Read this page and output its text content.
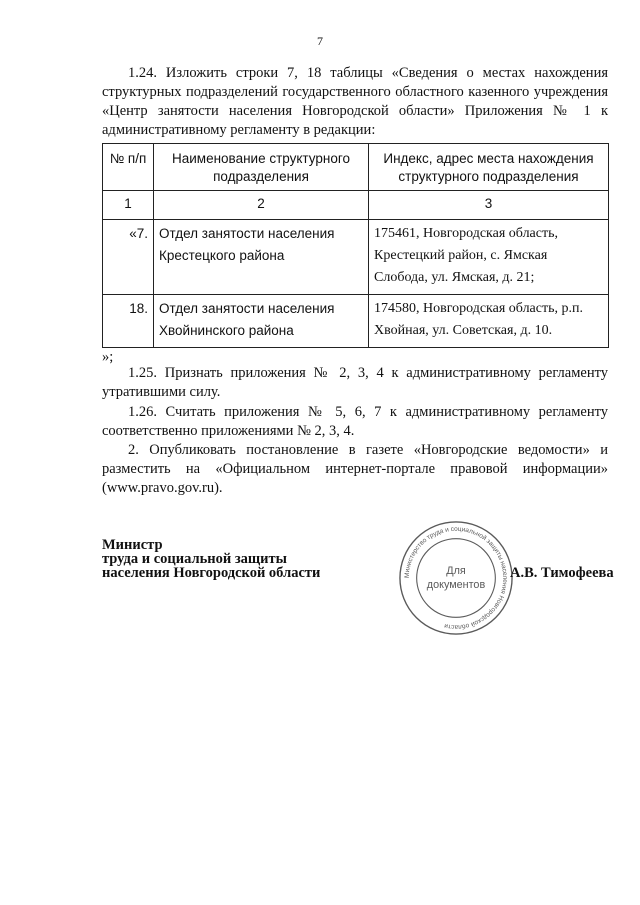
7
1.24. Изложить строки 7, 18 таблицы «Сведения о местах нахождения структурных подразделений государственного областного казенного учреждения «Центр занятости населения Новгородской области» Приложения № 1 к административному регламенту в редакции:
№ п/п	Наименование структурного подразделения	Индекс, адрес места нахождения структурного подразделения
1	2	3
«7.	Отдел занятости населения Крестецкого района	175461, Новгородская область, Крестецкий район, с. Ямская Слобода, ул. Ямская, д. 21;
18.	Отдел занятости населения Хвойнинского района	174580, Новгородская область, р.п. Хвойная, ул. Советская, д. 10.
»;
1.25. Признать приложения № 2, 3, 4 к административному регламенту утратившими силу.
1.26. Считать приложения № 5, 6, 7 к административному регламенту соответственно приложениями № 2, 3, 4.
2. Опубликовать постановление в газете «Новгородские ведомости» и разместить на «Официальном интернет-портале правовой информации» (www.pravo.gov.ru).
Министр
труда и социальной защиты
населения Новгородской области	Министерство труда и социальной защиты населения Новгородской области
Для
документов
А.В. Тимофеева
